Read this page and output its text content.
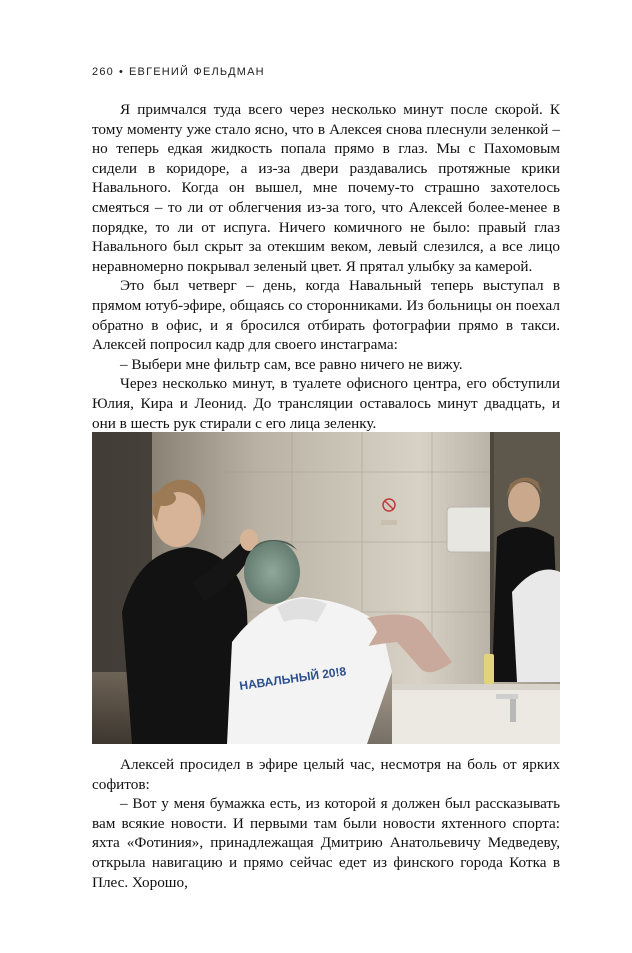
260 • ЕВГЕНИЙ ФЕЛЬДМАН

Я примчался туда всего через несколько минут после скорой. К тому моменту уже стало ясно, что в Алексея снова плеснули зеленкой – но теперь едкая жидкость попала прямо в глаз. Мы с Пахомовым сидели в коридоре, а из-за двери раздавались протяжные крики Навального. Когда он вышел, мне почему-то страшно захотелось смеяться – то ли от облегчения из-за того, что Алексей более-менее в порядке, то ли от испуга. Ничего комичного не было: правый глаз Навального был скрыт за отекшим веком, левый слезился, а все лицо неравномерно покрывал зеленый цвет. Я прятал улыбку за камерой.

Это был четверг – день, когда Навальный теперь выступал в прямом ютуб-эфире, общаясь со сторонниками. Из больницы он поехал обратно в офис, и я бросился отбирать фотографии прямо в такси. Алексей попросил кадр для своего инстаграма:

– Выбери мне фильтр сам, все равно ничего не вижу.

Через несколько минут, в туалете офисного центра, его обступили Юлия, Кира и Леонид. До трансляции оставалось минут двадцать, и они в шесть рук стирали с его лица зеленку.

НАВАЛЬНЫЙ 20!8

Алексей просидел в эфире целый час, несмотря на боль от ярких софитов:

– Вот у меня бумажка есть, из которой я должен был рассказывать вам всякие новости. И первыми там были новости яхтенного спорта: яхта «Фотиния», принадлежащая Дмитрию Анатольевичу Медведеву, открыла навигацию и прямо сейчас едет из финского города Котка в Плес. Хорошо,
